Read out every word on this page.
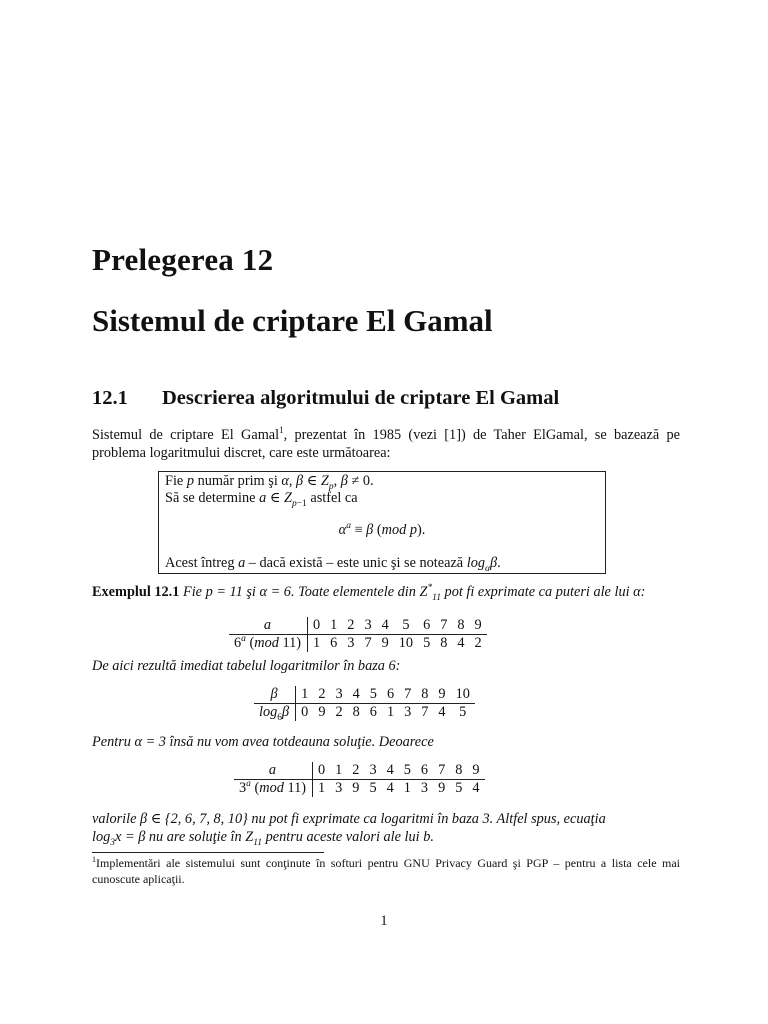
Prelegerea 12
Sistemul de criptare El Gamal
12.1 Descrierea algoritmului de criptare El Gamal
Sistemul de criptare El Gamal$^1$, prezentat în 1985 (vezi [1]) de Taher ElGamal, se bazează pe problema logaritmului discret, care este următoarea:
Fie p număr prim şi α, β ∈ $Z_p$, β ≠ 0.
Să se determine a ∈ $Z_{p-1}$ astfel ca
$\alpha^a \equiv \beta$ (mod p).
Acest întreg a – dacă există – este unic şi se notează $\log_\alpha\beta$.
Exemplul 12.1 Fie p = 11 şi α = 6. Toate elementele din $Z^*_{11}$ pot fi exprimate ca puteri ale lui α:
a	0	1	2	3	4	5	6	7	8	9
6$^a$ (mod 11)	1	6	3	7	9	10	5	8	4	2
De aici rezultă imediat tabelul logaritmilor în baza 6:
β	1	2	3	4	5	6	7	8	9	10
$\log_6\beta$	0	9	2	8	6	1	3	7	4	5
Pentru α = 3 însă nu vom avea totdeauna soluţie. Deoarece
a	0	1	2	3	4	5	6	7	8	9
3$^a$ (mod 11)	1	3	9	5	4	1	3	9	5	4
valorile β ∈ {2, 6, 7, 8, 10} nu pot fi exprimate ca logaritmi în baza 3. Altfel spus, ecuaţia
$\log_3x = \beta$ nu are soluţie în $Z_{11}$ pentru aceste valori ale lui b.
$^1$Implementări ale sistemului sunt conţinute în softuri pentru GNU Privacy Guard şi PGP – pentru a lista cele mai cunoscute aplicaţii.
1
